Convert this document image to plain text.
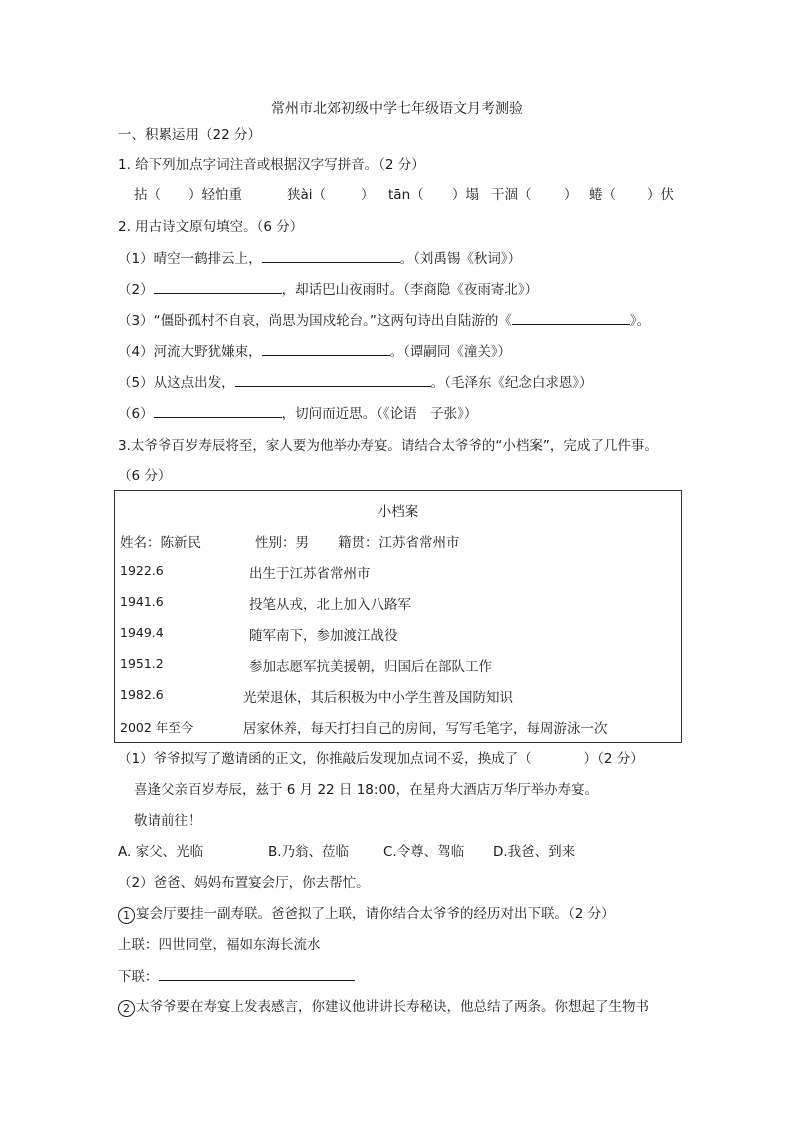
常州市北郊初级中学七年级语文月考测验
一、积累运用（22 分）
1. 给下列加点字词注音或根据汉字写拼音。（2 分）
拈（ ）轻怕重	狭ài（	） tān（ ）塌 干涸（ ） 蜷（ ）伏
2. 用古诗文原句填空。（6 分）
（1）晴空一鹤排云上，	。（刘禹锡《秋词》）
（2）	，却话巴山夜雨时。（李商隐《夜雨寄北》）
（3）“僵卧孤村不自哀，尚思为国戍轮台。”这两句诗出自陆游的《	》。
（4）河流大野犹嫌束，	。（谭嗣同《潼关》）
（5）从这点出发，	。（毛泽东《纪念白求恩》）
（6）	，切问而近思。（《论语　子张》）
3.太爷爷百岁寿辰将至，家人要为他举办寿宴。请结合太爷爷的“小档案”，完成了几件事。
（6 分）
小档案
姓名：陈新民	性别：男 籍贯：江苏省常州市
1922.6	出生于江苏省常州市
1941.6	投笔从戎，北上加入八路军
1949.4	随军南下，参加渡江战役
1951.2	参加志愿军抗美援朝，归国后在部队工作
1982.6	光荣退休，其后积极为中小学生普及国防知识
2002 年至今	居家休养，每天打扫自己的房间，写写毛笔字，每周游泳一次
（1）爷爷拟写了邀请函的正文，你推敲后发现加点词不妥，换成了（	）（2 分）
喜逢父亲百岁寿辰，兹于 6 月 22 日 18:00，在星舟大酒店万华厅举办寿宴。
敬请前往！
A. 家父、光临	B.乃翁、莅临	C.令尊、驾临 D.我爸、到来
（2）爸爸、妈妈布置宴会厅，你去帮忙。
1 宴会厅要挂一副寿联。爸爸拟了上联，请你结合太爷爷的经历对出下联。（2 分）
上联：四世同堂，福如东海长流水
下联：
2 太爷爷要在寿宴上发表感言，你建议他讲讲长寿秘诀，他总结了两条。你想起了生物书
